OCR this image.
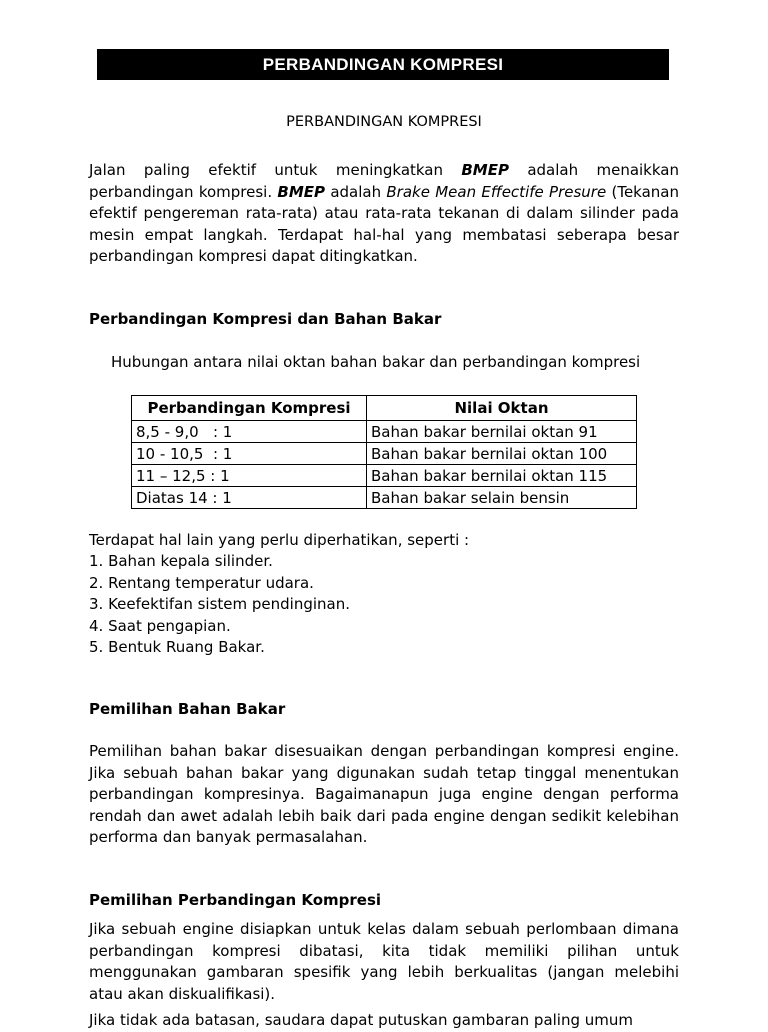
PERBANDINGAN KOMPRESI
PERBANDINGAN KOMPRESI

Jalan paling efektif untuk meningkatkan BMEP adalah menaikkan perbandingan kompresi. BMEP adalah Brake Mean Effectife Presure (Tekanan efektif pengereman rata-rata) atau rata-rata tekanan di dalam silinder pada mesin empat langkah. Terdapat hal-hal yang membatasi seberapa besar perbandingan kompresi dapat ditingkatkan.

Perbandingan Kompresi dan Bahan Bakar

Hubungan antara nilai oktan bahan bakar dan perbandingan kompresi

Perbandingan Kompresi	Nilai Oktan
8,5 - 9,0   : 1	Bahan bakar bernilai oktan 91
10 - 10,5  : 1	Bahan bakar bernilai oktan 100
11 – 12,5 : 1	Bahan bakar bernilai oktan 115
Diatas 14 : 1	Bahan bakar selain bensin

Terdapat hal lain yang perlu diperhatikan, seperti :

1. Bahan kepala silinder.
2. Rentang temperatur udara.
3. Keefektifan sistem pendinginan.
4. Saat pengapian.
5. Bentuk Ruang Bakar.
Pemilihan Bahan Bakar

Pemilihan bahan bakar disesuaikan dengan perbandingan kompresi engine. Jika sebuah bahan bakar yang digunakan sudah tetap tinggal menentukan perbandingan kompresinya. Bagaimanapun juga engine dengan performa rendah dan awet adalah lebih baik dari pada engine dengan sedikit kelebihan performa dan banyak permasalahan.

Pemilihan Perbandingan Kompresi

Jika sebuah engine disiapkan untuk kelas dalam sebuah perlombaan dimana perbandingan kompresi dibatasi, kita tidak memiliki pilihan untuk menggunakan gambaran spesifik yang lebih berkualitas (jangan melebihi atau akan diskualifikasi).

Jika tidak ada batasan, saudara dapat putuskan gambaran paling umum
